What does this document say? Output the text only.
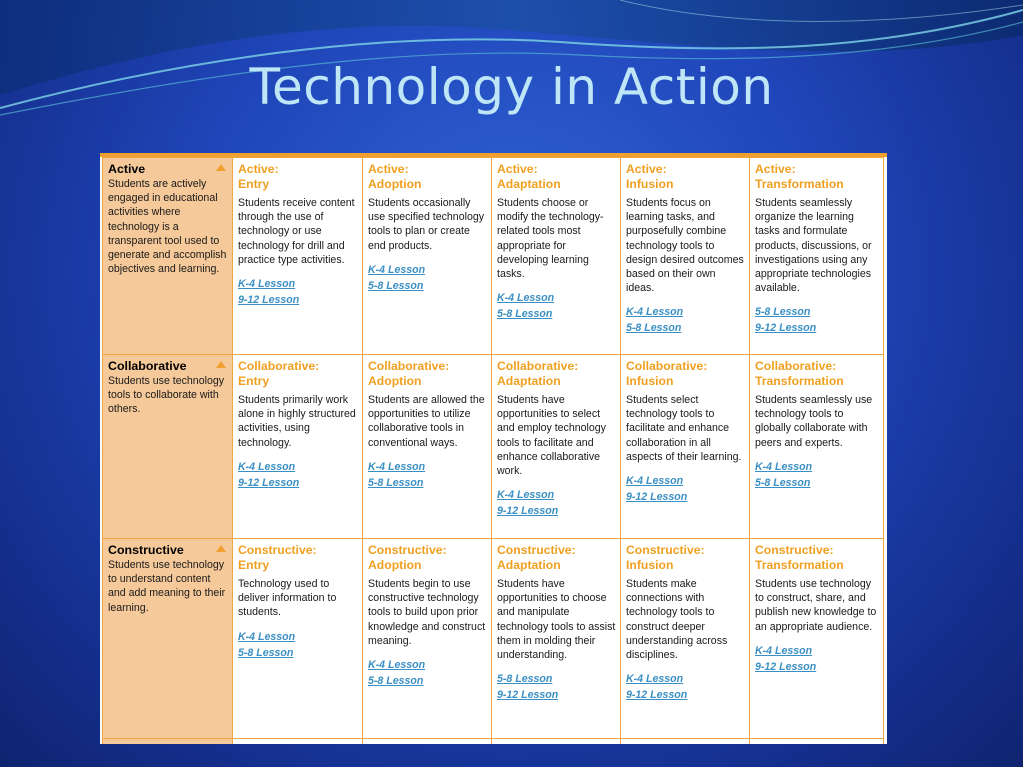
Technology in Action
Active
Students are actively engaged in educational activities where technology is a transparent tool used to generate and accomplish objectives and learning.	Active:
Entry
Students receive content through the use of technology or use technology for drill and practice type activities.
K-4 Lesson
9-12 Lesson	Active:
Adoption
Students occasionally use specified technology tools to plan or create end products.
K-4 Lesson
5-8 Lesson	Active:
Adaptation
Students choose or modify the technology-related tools most appropriate for developing learning tasks.
K-4 Lesson
5-8 Lesson	Active:
Infusion
Students focus on learning tasks, and purposefully combine technology tools to design desired outcomes based on their own ideas.
K-4 Lesson
5-8 Lesson	Active:
Transformation
Students seamlessly organize the learning tasks and formulate products, discussions, or investigations using any appropriate technologies available.
5-8 Lesson
9-12 Lesson

Collaborative
Students use technology tools to collaborate with others.	Collaborative:
Entry
Students primarily work alone in highly structured activities, using technology.
K-4 Lesson
9-12 Lesson	Collaborative:
Adoption
Students are allowed the opportunities to utilize collaborative tools in conventional ways.
K-4 Lesson
5-8 Lesson	Collaborative:
Adaptation
Students have opportunities to select and employ technology tools to facilitate and enhance collaborative work.
K-4 Lesson
9-12 Lesson	Collaborative:
Infusion
Students select technology tools to facilitate and enhance collaboration in all aspects of their learning.
K-4 Lesson
9-12 Lesson	Collaborative:
Transformation
Students seamlessly use technology tools to globally collaborate with peers and experts.
K-4 Lesson
5-8 Lesson

Constructive
Students use technology to understand content and add meaning to their learning.	Constructive:
Entry
Technology used to deliver information to students.
K-4 Lesson
5-8 Lesson	Constructive:
Adoption
Students begin to use constructive technology tools to build upon prior knowledge and construct meaning.
K-4 Lesson
5-8 Lesson	Constructive:
Adaptation
Students have opportunities to choose and manipulate technology tools to assist them in molding their understanding.
5-8 Lesson
9-12 Lesson	Constructive:
Infusion
Students make connections with technology tools to construct deeper understanding across disciplines.
K-4 Lesson
9-12 Lesson	Constructive:
Transformation
Students use technology to construct, share, and publish new knowledge to an appropriate audience.
K-4 Lesson
9-12 Lesson
